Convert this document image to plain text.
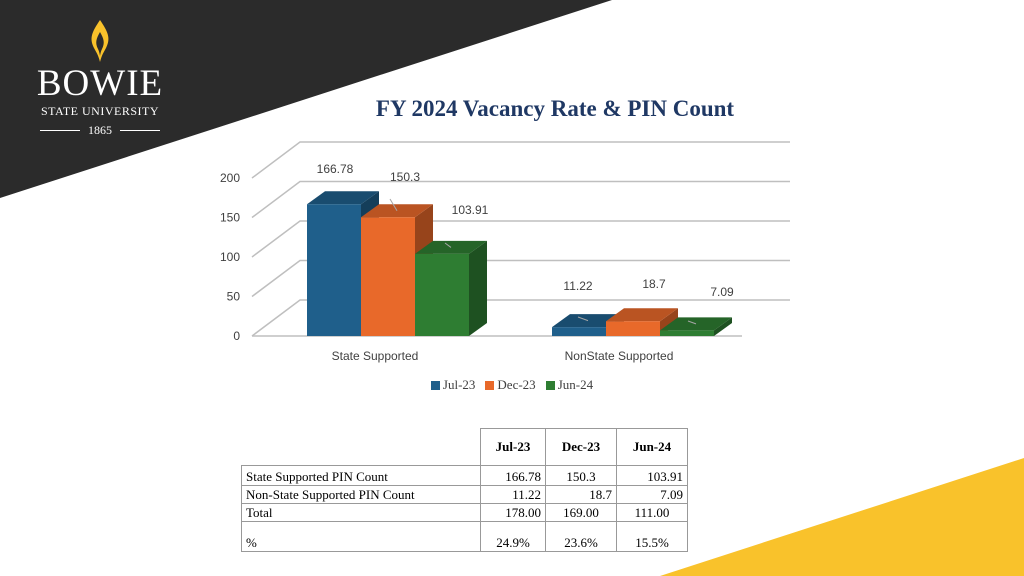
BOWIE
STATE UNIVERSITY
1865
FY 2024 Vacancy Rate & PIN Count
0
50
100
150
200
166.78
150.3
103.91
State Supported
11.22	18.7
7.09
NonState Supported
Jul-23 Dec-23 Jun-24
	Jul-23	Dec-23	Jun-24
State Supported PIN Count	166.78	150.3	103.91
Non-State Supported PIN Count	11.22	18.7	7.09
Total	178.00	169.00	111.00
%	24.9%	23.6%	15.5%
